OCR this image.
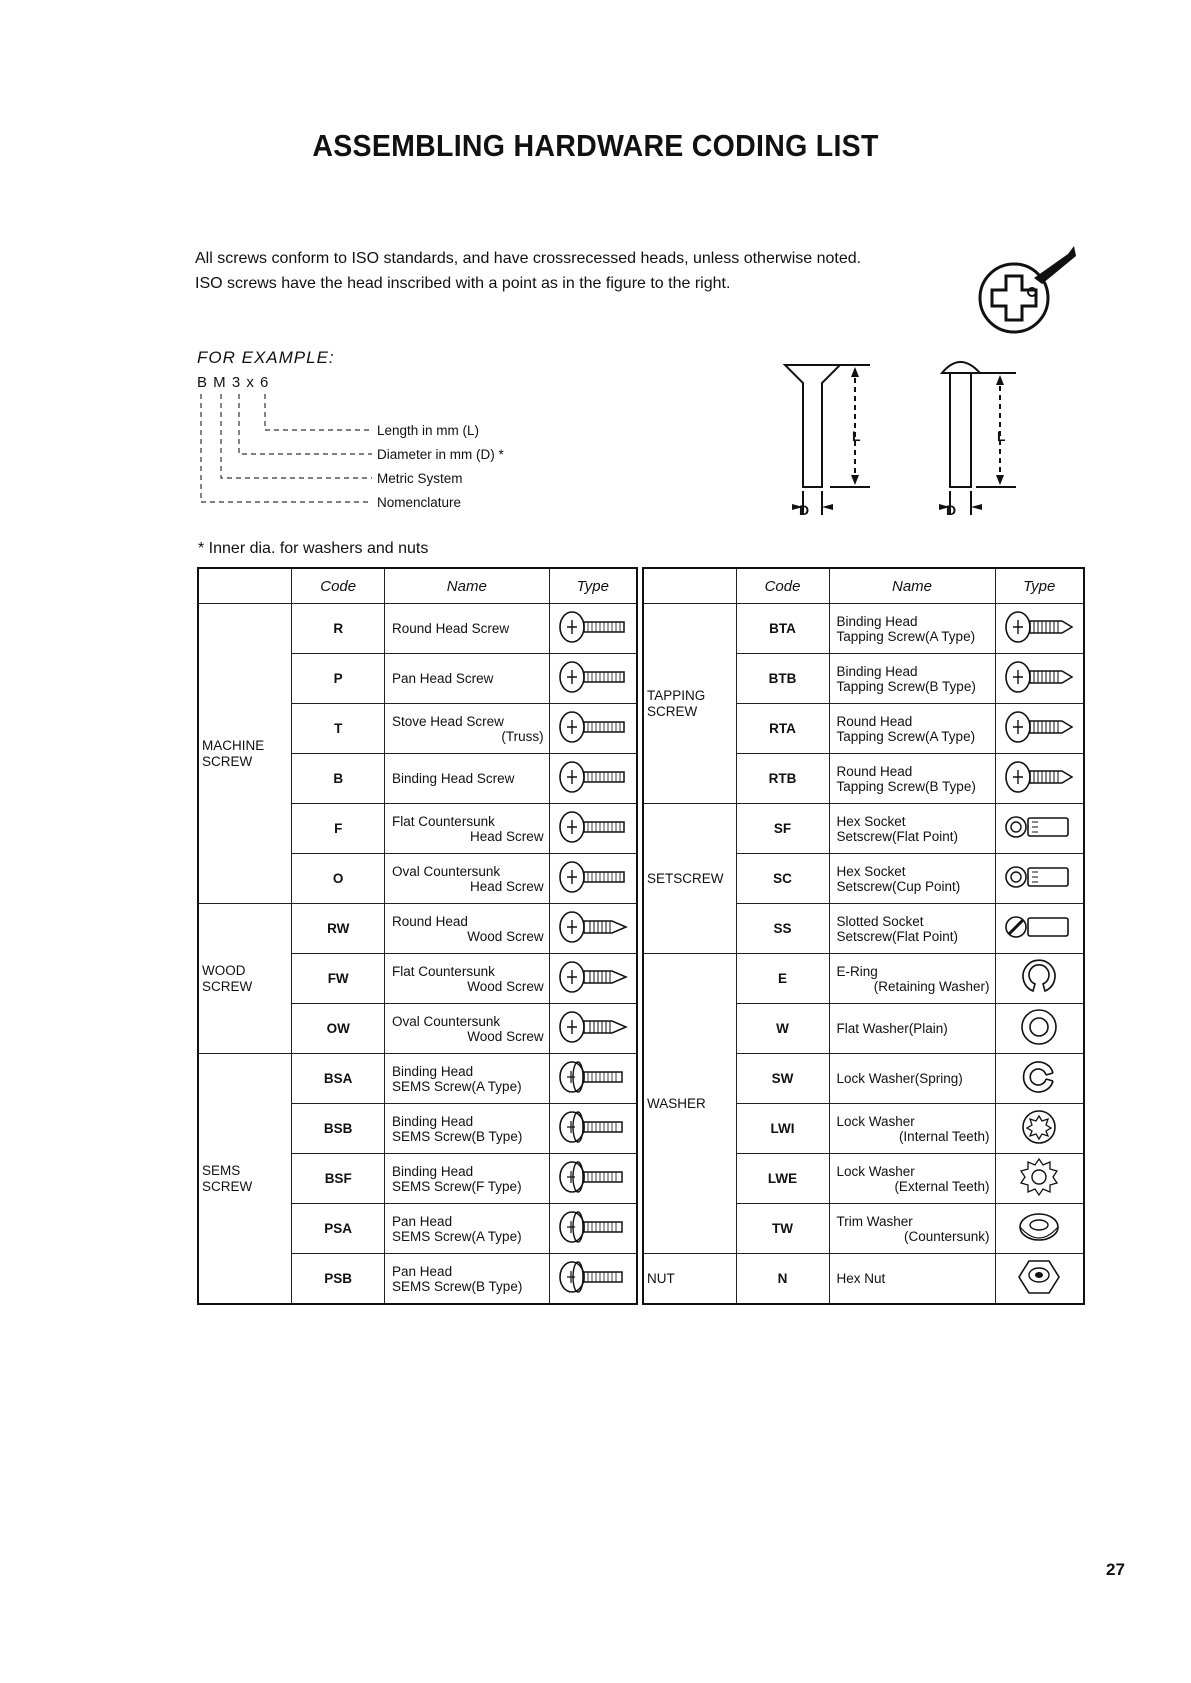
ASSEMBLING HARDWARE CODING LIST
All screws conform to ISO standards, and have crossrecessed heads, unless otherwise noted.
ISO screws have the head inscribed with a point as in the figure to the right.
FOR EXAMPLE:
B M 3 x 6
Length in mm (L)
Diameter in mm (D) *
Metric System
Nomenclature
L	L
D	D
* Inner dia. for washers and nuts
	Code	Name	Type
MACHINE SCREW	R	Round Head Screw

	P	Pan Head Screw

	T	Stove Head Screw
(Truss)

	B	Binding Head Screw

	F	Flat Countersunk
Head Screw

	O	Oval Countersunk
Head Screw

WOOD SCREW	RW	Round Head
Wood Screw

	FW	Flat Countersunk
Wood Screw

	OW	Oval Countersunk
Wood Screw

SEMS SCREW	BSA	Binding Head
SEMS Screw(A Type)

	BSB	Binding Head
SEMS Screw(B Type)

	BSF	Binding Head
SEMS Screw(F Type)

	PSA	Pan Head
SEMS Screw(A Type)

	PSB	Pan Head
SEMS Screw(B Type)

	Code	Name	Type
TAPPING SCREW	BTA	Binding Head
Tapping Screw(A Type)

	BTB	Binding Head
Tapping Screw(B Type)

	RTA	Round Head
Tapping Screw(A Type)

	RTB	Round Head
Tapping Screw(B Type)

SETSCREW	SF	Hex Socket
Setscrew(Flat Point)

	SC	Hex Socket
Setscrew(Cup Point)

	SS	Slotted Socket
Setscrew(Flat Point)

WASHER	E	E-Ring
(Retaining Washer)

	W	Flat Washer(Plain)

	SW	Lock Washer(Spring)

	LWI	Lock Washer
(Internal Teeth)

	LWE	Lock Washer
(External Teeth)

	TW	Trim Washer
(Countersunk)

NUT	N	Hex Nut

27
